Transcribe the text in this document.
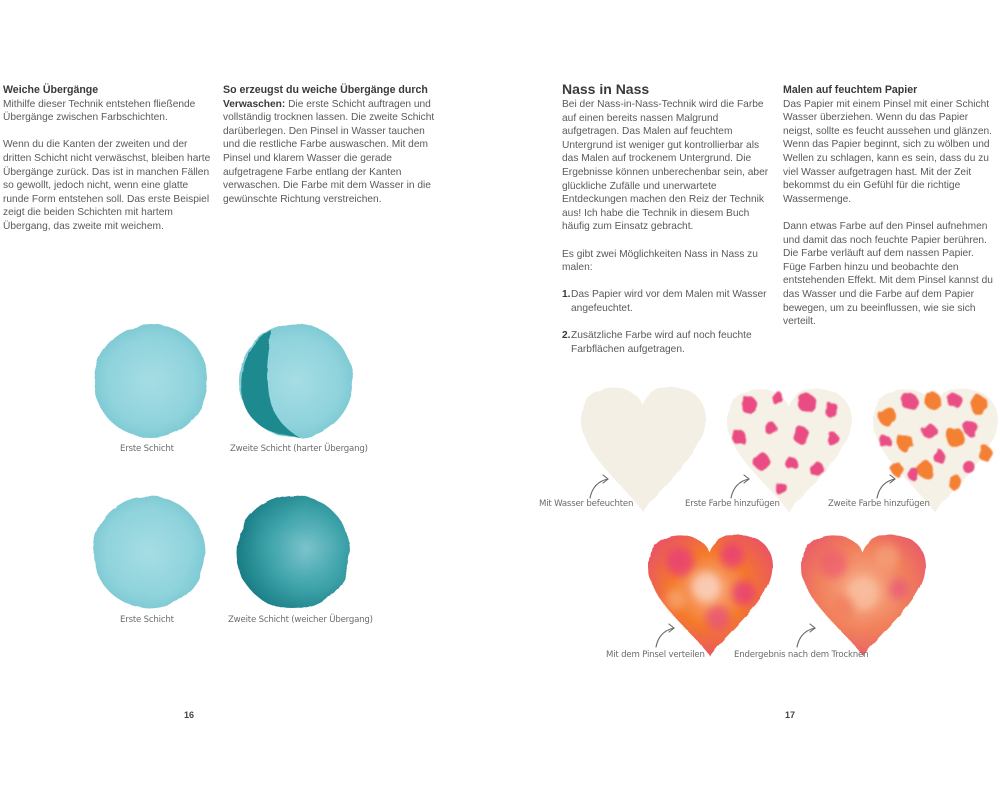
Weiche Übergänge

Mithilfe dieser Technik entstehen fließende Übergänge zwischen Farbschichten.

Wenn du die Kanten der zweiten und der dritten Schicht nicht verwäschst, bleiben harte Übergänge zurück. Das ist in manchen Fällen so gewollt, jedoch nicht, wenn eine glatte runde Form entstehen soll. Das erste Beispiel zeigt die beiden Schichten mit hartem Übergang, das zweite mit weichem.

So erzeugst du weiche Übergänge durch

Verwaschen: Die erste Schicht auftragen und vollständig trocknen lassen. Die zweite Schicht darüberlegen. Den Pinsel in Wasser tauchen und die restliche Farbe auswaschen. Mit dem Pinsel und klarem Wasser die gerade aufgetragene Farbe entlang der Kanten verwaschen. Die Farbe mit dem Wasser in die gewünschte Richtung verstreichen.

Nass in Nass

Bei der Nass-in-Nass-Technik wird die Farbe auf einen bereits nassen Malgrund aufgetragen. Das Malen auf feuchtem Untergrund ist weniger gut kontrollierbar als das Malen auf trockenem Untergrund. Die Ergebnisse können unberechenbar sein, aber glückliche Zufälle und unerwartete Entdeckungen machen den Reiz der Technik aus! Ich habe die Technik in diesem Buch häufig zum Einsatz gebracht.

Es gibt zwei Möglichkeiten Nass in Nass zu malen:

1. Das Papier wird vor dem Malen mit Wasser angefeuchtet.
2. Zusätzliche Farbe wird auf noch feuchte Farbflächen aufgetragen.
Malen auf feuchtem Papier

Das Papier mit einem Pinsel mit einer Schicht Wasser überziehen. Wenn du das Papier neigst, sollte es feucht aussehen und glänzen. Wenn das Papier beginnt, sich zu wölben und Wellen zu schlagen, kann es sein, dass du zu viel Wasser aufgetragen hast. Mit der Zeit bekommst du ein Gefühl für die richtige Wassermenge.

Dann etwas Farbe auf den Pinsel aufnehmen und damit das noch feuchte Papier berühren. Die Farbe verläuft auf dem nassen Papier. Füge Farben hinzu und beobachte den entstehenden Effekt. Mit dem Pinsel kannst du das Wasser und die Farbe auf dem Papier bewegen, um zu beeinflussen, wie sie sich verteilt.

Erste Schicht	Zweite Schicht (harter Übergang)
Erste Schicht	Zweite Schicht (weicher Übergang)
Mit Wasser befeuchten	Erste Farbe hinzufügen	Zweite Farbe hinzufügen
Mit dem Pinsel verteilen	Endergebnis nach dem Trocknen
16	17
